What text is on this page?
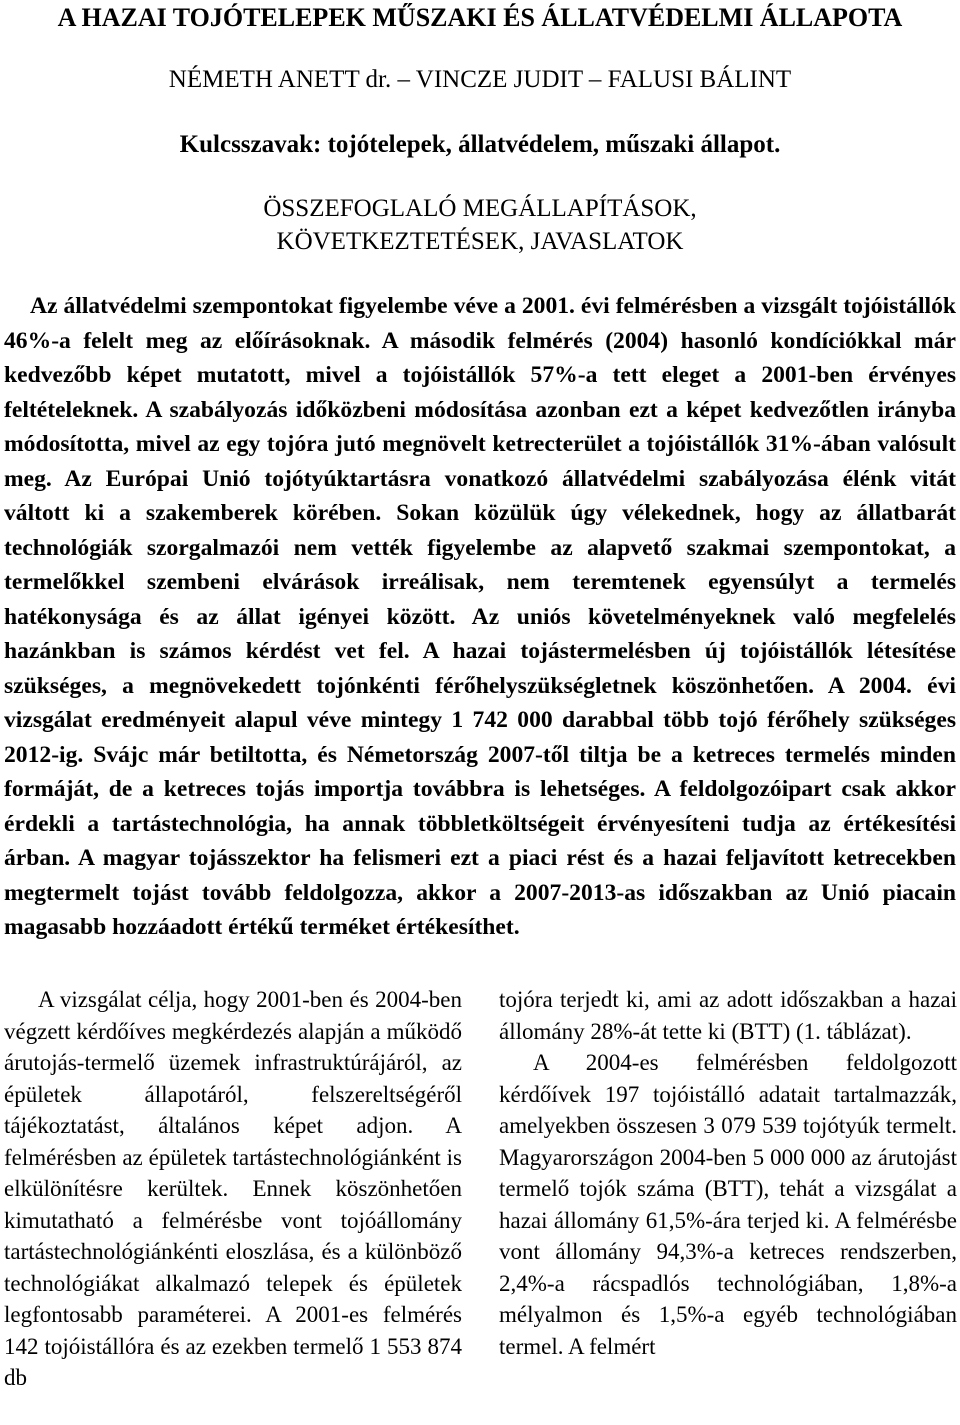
A HAZAI TOJÓTELEPEK MŰSZAKI ÉS ÁLLATVÉDELMI ÁLLAPOTA
NÉMETH ANETT dr. – VINCZE JUDIT – FALUSI BÁLINT
Kulcsszavak: tojótelepek, állatvédelem, műszaki állapot.
ÖSSZEFOGLALÓ MEGÁLLAPÍTÁSOK,
KÖVETKEZTETÉSEK, JAVASLATOK

Az állatvédelmi szempontokat figyelembe véve a 2001. évi felmérésben a vizsgált tojóistállók 46%-a felelt meg az előírásoknak. A második felmérés (2004) hasonló kondíciókkal már kedvezőbb képet mutatott, mivel a tojóistállók 57%-a tett eleget a 2001-ben érvényes feltételeknek. A szabályozás időközbeni módosítása azonban ezt a képet kedvezőtlen irányba módosította, mivel az egy tojóra jutó megnövelt ketrecterület a tojóistállók 31%-ában valósult meg. Az Európai Unió tojótyúktartásra vonatkozó állatvédelmi szabályozása élénk vitát váltott ki a szakemberek körében. Sokan közülük úgy vélekednek, hogy az állatbarát technológiák szorgalmazói nem vették figyelembe az alapvető szakmai szempontokat, a termelőkkel szembeni elvárások irreálisak, nem teremtenek egyensúlyt a termelés hatékonysága és az állat igényei között. Az uniós követelményeknek való megfelelés hazánkban is számos kérdést vet fel. A hazai tojástermelésben új tojóistállók létesítése szükséges, a megnövekedett tojónkénti férőhelyszükségletnek köszönhetően. A 2004. évi vizsgálat eredményeit alapul véve mintegy 1 742 000 darabbal több tojó férőhely szükséges 2012-ig. Svájc már betiltotta, és Németország 2007-től tiltja be a ketreces termelés minden formáját, de a ketreces tojás importja továbbra is lehetséges. A feldolgozóipart csak akkor érdekli a tartástechnológia, ha annak többletköltségeit érvényesíteni tudja az értékesítési árban. A magyar tojásszektor ha felismeri ezt a piaci rést és a hazai feljavított ketrecekben megtermelt tojást tovább feldolgozza, akkor a 2007-2013-as időszakban az Unió piacain magasabb hozzáadott értékű terméket értékesíthet.

A vizsgálat célja, hogy 2001-ben és 2004-ben végzett kérdőíves megkérdezés alapján a működő árutojás-termelő üzemek infrastruktúrájáról, az épületek állapotáról, felszereltségéről tájékoztatást, általános képet adjon. A felmérésben az épületek tartástechnológiánként is elkülönítésre kerültek. Ennek köszönhetően kimutatható a felmérésbe vont tojóállomány tartástechnológiánkénti eloszlása, és a különböző technológiákat alkalmazó telepek és épületek legfontosabb paraméterei. A 2001-es felmérés 142 tojóistállóra és az ezekben termelő 1 553 874 db
tojóra terjedt ki, ami az adott időszakban a hazai állomány 28%-át tette ki (BTT) (1. táblázat).
A 2004-es felmérésben feldolgozott kérdőívek 197 tojóistálló adatait tartalmazzák, amelyekben összesen 3 079 539 tojótyúk termelt. Magyarországon 2004-ben 5 000 000 az árutojást termelő tojók száma (BTT), tehát a vizsgálat a hazai állomány 61,5%-ára terjed ki. A felmérésbe vont állomány 94,3%-a ketreces rendszerben, 2,4%-a rácspadlós technológiában, 1,8%-a mélyalmon és 1,5%-a egyéb technológiában termel. A felmért
